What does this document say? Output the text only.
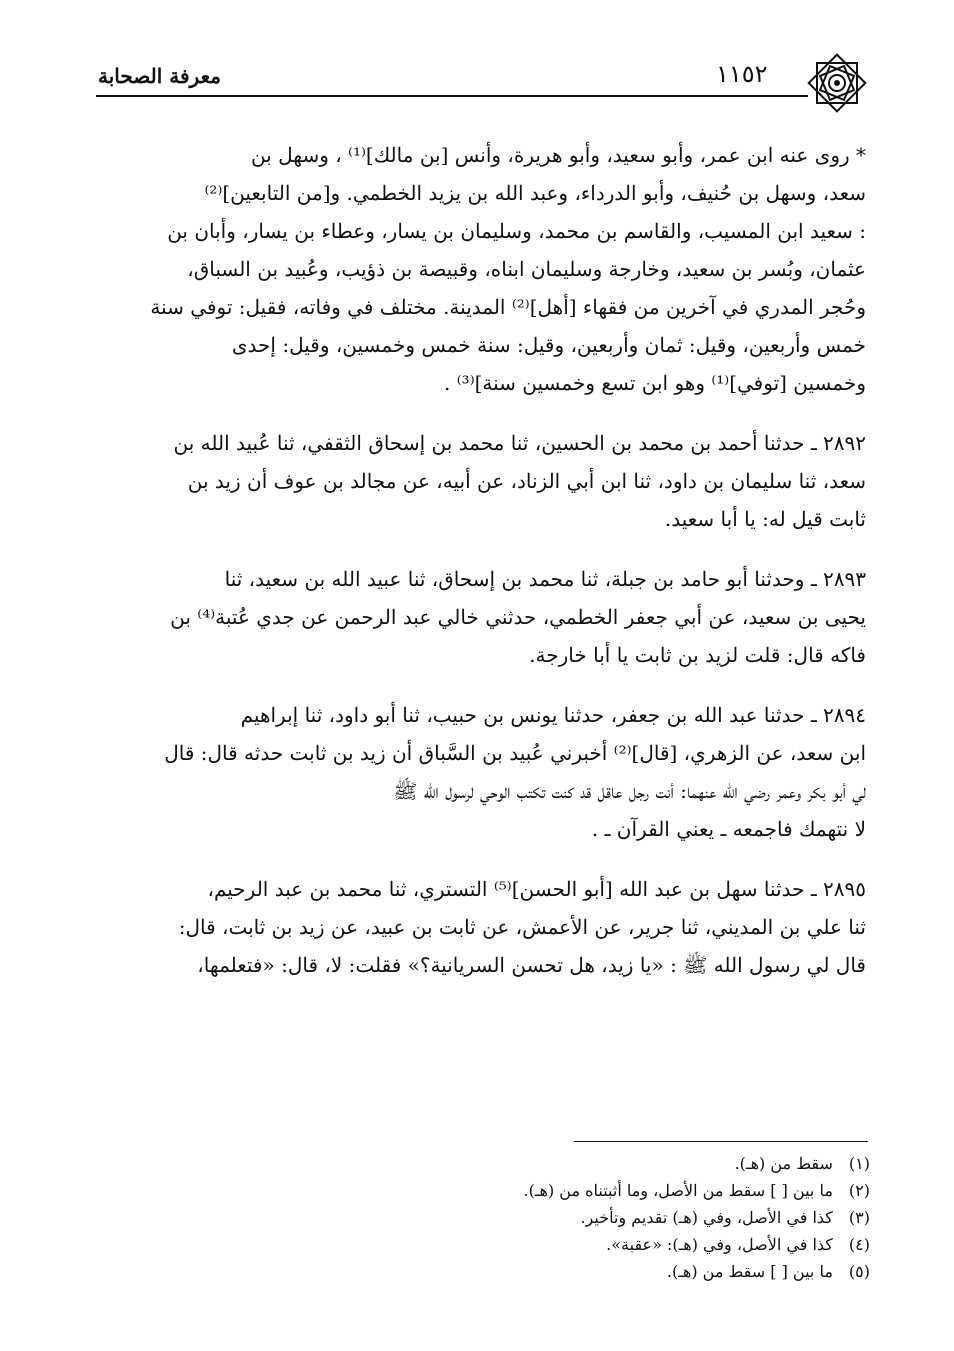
معرفة الصحابة	١١٥٢

* روى عنه ابن عمر، وأبو سعيد، وأبو هريرة، وأنس [بن مالك]⁽¹⁾ ، وسهل بن

سعد، وسهل بن حُنيف، وأبو الدرداء، وعبد الله بن يزيد الخطمي. و[من التابعين]⁽²⁾

: سعيد ابن المسيب، والقاسم بن محمد، وسليمان بن يسار، وعطاء بن يسار، وأبان بن

عثمان، وبُسر بن سعيد، وخارجة وسليمان ابناه، وقبيصة بن ذؤيب، وعُبيد بن السباق،

وحُجر المدري في آخرين من فقهاء [أهل]⁽²⁾ المدينة. مختلف في وفاته، فقيل: توفي سنة

خمس وأربعين، وقيل: ثمان وأربعين، وقيل: سنة خمس وخمسين، وقيل: إحدى

وخمسين [توفي]⁽¹⁾ وهو ابن تسع وخمسين سنة]⁽³⁾ .

٢٨٩٢ ـ حدثنا أحمد بن محمد بن الحسين، ثنا محمد بن إسحاق الثقفي، ثنا عُبيد الله بن

سعد، ثنا سليمان بن داود، ثنا ابن أبي الزناد، عن أبيه، عن مجالد بن عوف أن زيد بن

ثابت قيل له: يا أبا سعيد.

٢٨٩٣ ـ وحدثنا أبو حامد بن جبلة، ثنا محمد بن إسحاق، ثنا عبيد الله بن سعيد، ثنا

يحيى بن سعيد، عن أبي جعفر الخطمي، حدثني خالي عبد الرحمن عن جدي عُتبة⁽⁴⁾ بن

فاكه قال: قلت لزيد بن ثابت يا أبا خارجة.

٢٨٩٤ ـ حدثنا عبد الله بن جعفر، حدثنا يونس بن حبيب، ثنا أبو داود، ثنا إبراهيم

ابن سعد، عن الزهري، [قال]⁽²⁾ أخبرني عُبيد بن السَّباق أن زيد بن ثابت حدثه قال: قال

لي أبو بكر وعمر رضي الله عنهما: أنت رجل عاقل قد كنت تكتب الوحي لرسول الله ﷺ

لا نتهمك فاجمعه ـ يعني القرآن ـ .

٢٨٩٥ ـ حدثنا سهل بن عبد الله [أبو الحسن]⁽⁵⁾ التستري، ثنا محمد بن عبد الرحيم،

ثنا علي بن المديني، ثنا جرير، عن الأعمش، عن ثابت بن عبيد، عن زيد بن ثابت، قال:

قال لي رسول الله ﷺ : «يا زيد، هل تحسن السريانية؟» فقلت: لا، قال: «فتعلمها،

(١) سقط من (هـ).
(٢) ما بين [ ] سقط من الأصل، وما أثبتناه من (هـ).
(٣) كذا في الأصل، وفي (هـ) تقديم وتأخير.
(٤) كذا في الأصل، وفي (هـ): «عقبة».
(٥) ما بين [ ] سقط من (هـ).
